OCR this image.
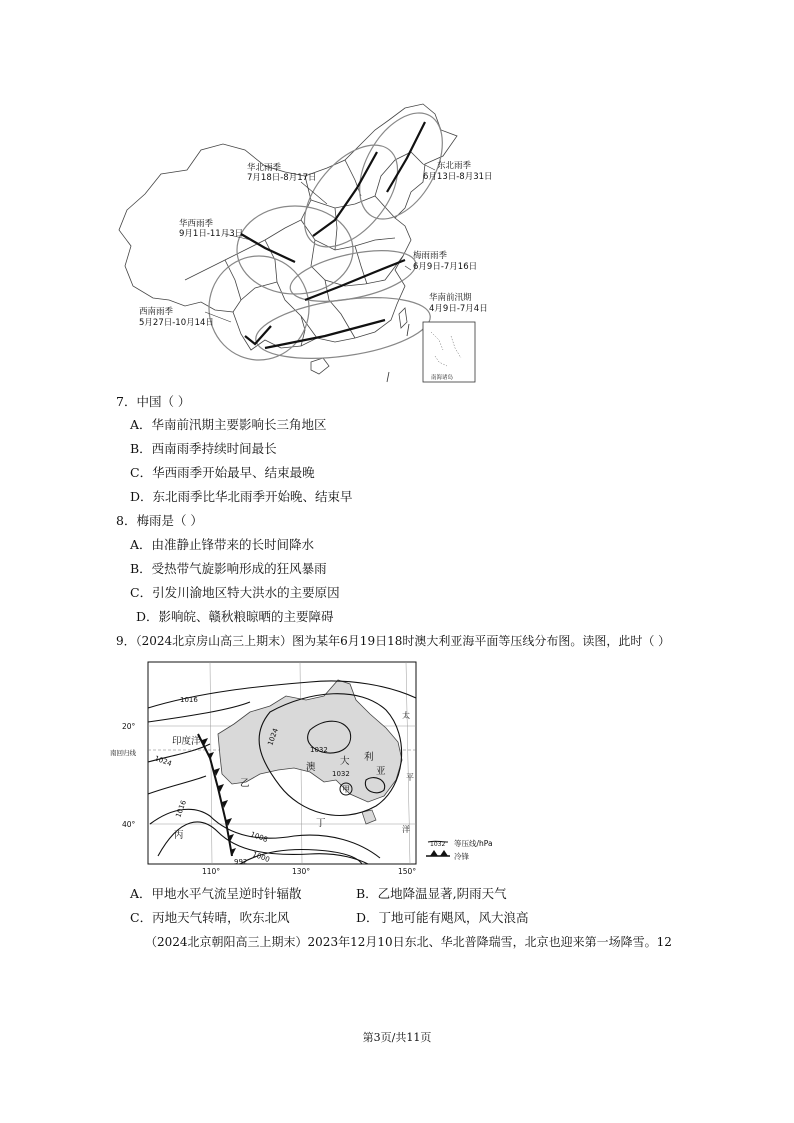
华北雨季
7月18日-8月17日
东北雨季
6月13日-8月31日
华西雨季
9月1日-11月3日
梅雨雨季
6月9日-7月16日
华南前汛期
4月9日-7月4日
西南雨季
5月27日-10月14日
南海诸岛
7．中国（ ）
A．华南前汛期主要影响长三角地区
B．西南雨季持续时间最长
C．华西雨季开始最早、结束最晚
D．东北雨季比华北雨季开始晚、结束早
8．梅雨是（ ）
A．由准静止锋带来的长时间降水
B．受热带气旋影响形成的狂风暴雨
C．引发川渝地区特大洪水的主要原因
D．影响皖、赣秋粮晾晒的主要障碍
9．（2024北京房山高三上期末）图为某年6月19日18时澳大利亚海平面等压线分布图。读图，此时（ ）
1016
1024
1032
1032
1024
1016
1008
1000
992
印度洋
澳
大 利
亚
甲
乙
丙
丁
太
平
洋
20°
40°
南回归线
110°	130°	150°
1032 等压线/hPa
冷锋
A．甲地水平气流呈逆时针辐散	B．乙地降温显著,阴雨天气
C．丙地天气转晴，吹东北风	D．丁地可能有飓风，风大浪高
（2024北京朝阳高三上期末）2023年12月10日东北、华北普降瑞雪，北京也迎来第一场降雪。12
第3页/共11页
